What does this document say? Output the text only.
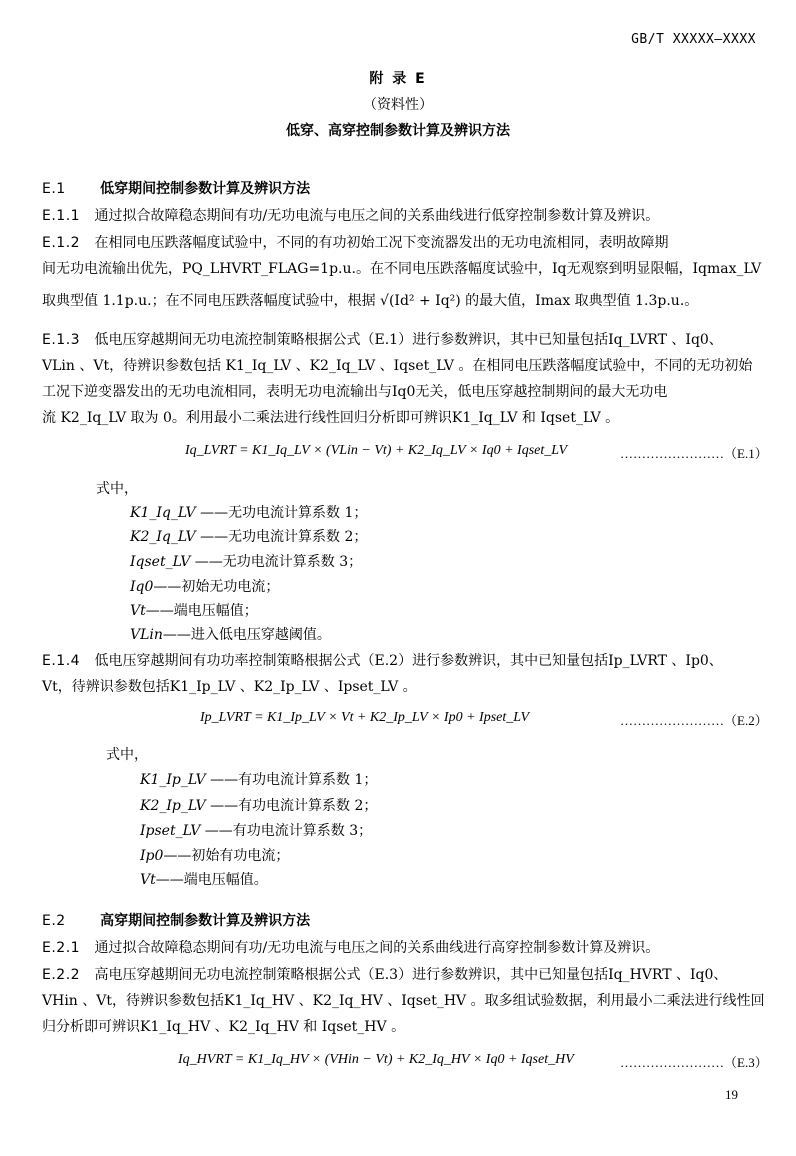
GB/T XXXXX—XXXX
附 录 E
（资料性）
低穿、高穿控制参数计算及辨识方法
E.1 低穿期间控制参数计算及辨识方法
E.1.1 通过拟合故障稳态期间有功/无功电流与电压之间的关系曲线进行低穿控制参数计算及辨识。
E.1.2 在相同电压跌落幅度试验中，不同的有功初始工况下变流器发出的无功电流相同，表明故障期
间无功电流输出优先，PQ_LHVRT_FLAG=1p.u.。在不同电压跌落幅度试验中，Iq无观察到明显限幅，Iqmax_LV
取典型值 1.1p.u.；在不同电压跌落幅度试验中，根据 √(Id² + Iq²) 的最大值，Imax 取典型值 1.3p.u.。
E.1.3 低电压穿越期间无功电流控制策略根据公式（E.1）进行参数辨识，其中已知量包括Iq_LVRT 、Iq0、
VLin 、Vt，待辨识参数包括 K1_Iq_LV 、K2_Iq_LV 、Iqset_LV 。在相同电压跌落幅度试验中，不同的无功初始
工况下逆变器发出的无功电流相同，表明无功电流输出与Iq0无关，低电压穿越控制期间的最大无功电
流 K2_Iq_LV 取为 0。利用最小二乘法进行线性回归分析即可辨识K1_Iq_LV 和 Iqset_LV 。
Iq_LVRT = K1_Iq_LV × (VLin − Vt) + K2_Iq_LV × Iq0 + Iqset_LV	……………………（E.1）
式中，
K1_Iq_LV ——无功电流计算系数 1；
K2_Iq_LV ——无功电流计算系数 2；
Iqset_LV ——无功电流计算系数 3；
Iq0——初始无功电流；
Vt——端电压幅值；
VLin——进入低电压穿越阈值。
E.1.4 低电压穿越期间有功功率控制策略根据公式（E.2）进行参数辨识，其中已知量包括Ip_LVRT 、Ip0、
Vt，待辨识参数包括K1_Ip_LV 、K2_Ip_LV 、Ipset_LV 。
Ip_LVRT = K1_Ip_LV × Vt + K2_Ip_LV × Ip0 + Ipset_LV	……………………（E.2）
式中，
K1_Ip_LV ——有功电流计算系数 1；
K2_Ip_LV ——有功电流计算系数 2；
Ipset_LV ——有功电流计算系数 3；
Ip0——初始有功电流；
Vt——端电压幅值。
E.2 高穿期间控制参数计算及辨识方法
E.2.1 通过拟合故障稳态期间有功/无功电流与电压之间的关系曲线进行高穿控制参数计算及辨识。
E.2.2 高电压穿越期间无功电流控制策略根据公式（E.3）进行参数辨识，其中已知量包括Iq_HVRT 、Iq0、
VHin 、Vt，待辨识参数包括K1_Iq_HV 、K2_Iq_HV 、Iqset_HV 。取多组试验数据，利用最小二乘法进行线性回
归分析即可辨识K1_Iq_HV 、K2_Iq_HV 和 Iqset_HV 。
Iq_HVRT = K1_Iq_HV × (VHin − Vt) + K2_Iq_HV × Iq0 + Iqset_HV	……………………（E.3）
19
